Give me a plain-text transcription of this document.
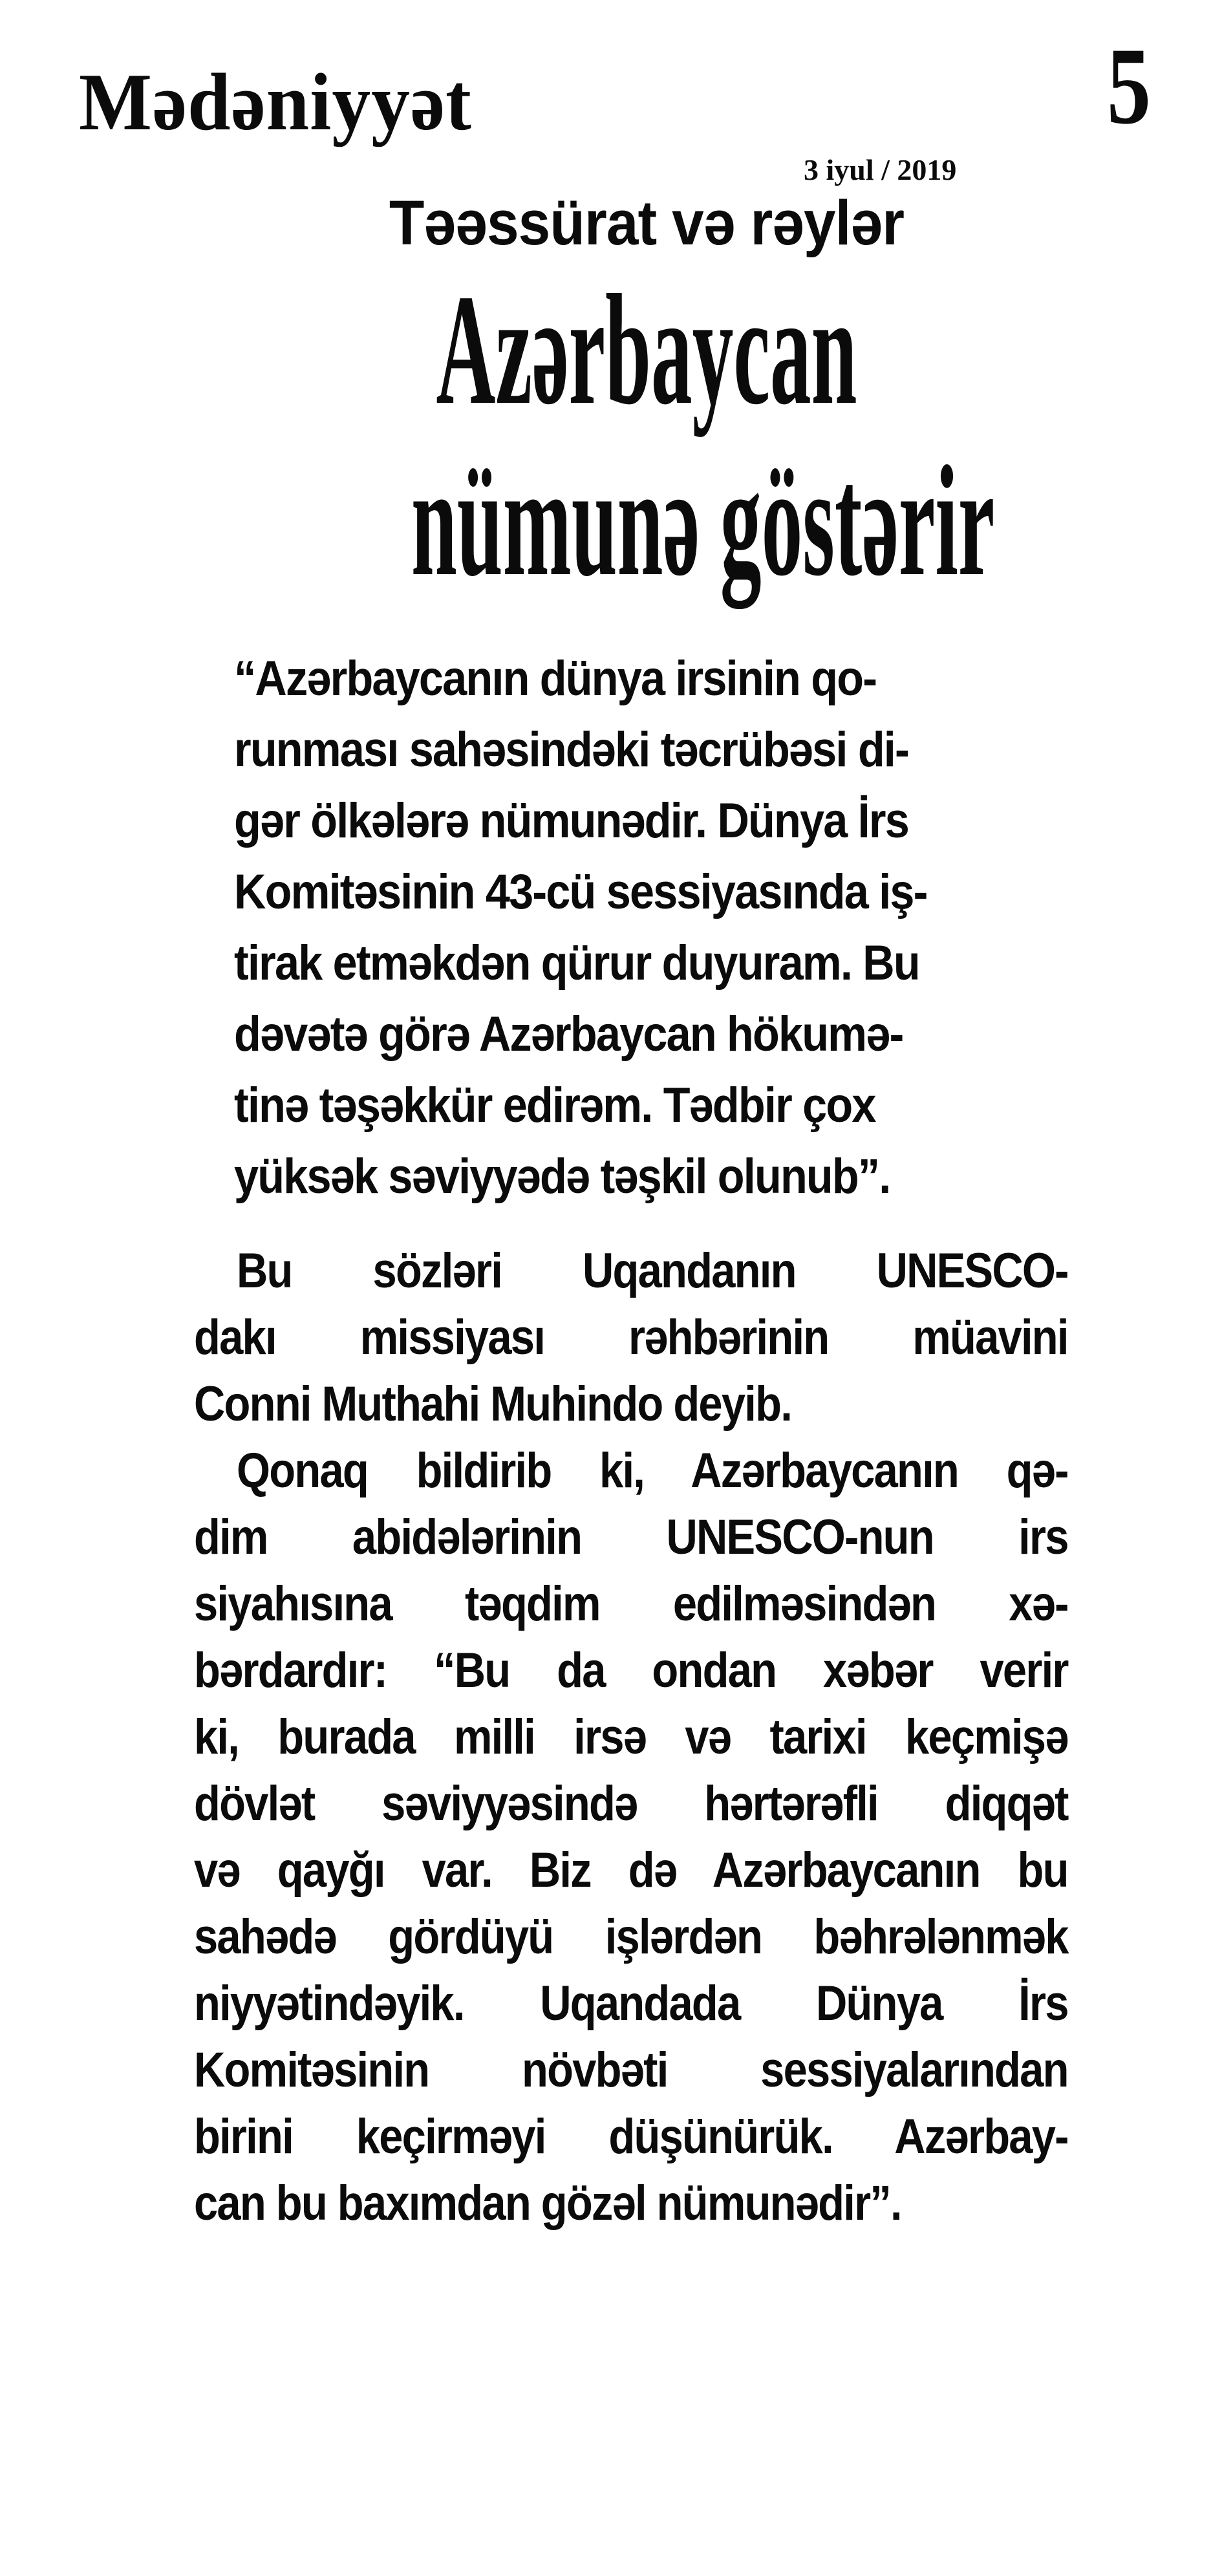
Mədəniyyət
3 iyul / 2019
5
Təəssürat və rəylər
Azərbaycan
nümunə göstərir
“Azərbaycanın dünya irsinin qo-
runması sahəsindəki təcrübəsi di-
gər ölkələrə nümunədir. Dünya İrs
Komitəsinin 43-cü sessiyasında iş-
tirak etməkdən qürur duyuram. Bu
dəvətə görə Azərbaycan hökumə-
tinə təşəkkür edirəm. Tədbir çox
yüksək səviyyədə təşkil olunub”.
Bu sözləri Uqandanın UNESCO-
dakı missiyası rəhbərinin müavini
Conni Muthahi Muhindo deyib.
Qonaq bildirib ki, Azərbaycanın qə-
dim abidələrinin UNESCO-nun irs
siyahısına təqdim edilməsindən xə-
bərdardır: “Bu da ondan xəbər verir
ki, burada milli irsə və tarixi keçmişə
dövlət səviyyəsində hərtərəfli diqqət
və qayğı var. Biz də Azərbaycanın bu
sahədə gördüyü işlərdən bəhrələnmək
niyyətindəyik. Uqandada Dünya İrs
Komitəsinin növbəti sessiyalarından
birini keçirməyi düşünürük. Azərbay-
can bu baxımdan gözəl nümunədir”.
